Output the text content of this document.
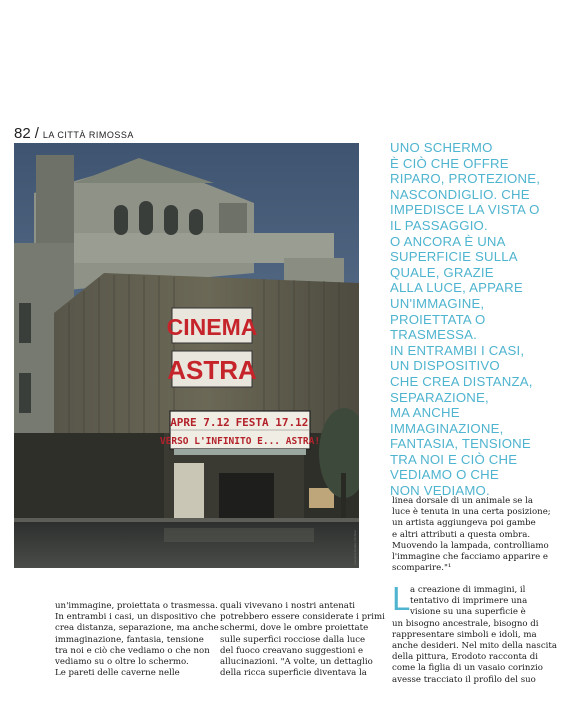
82 / LA CITTÀ RIMOSSA
CINEMA
ASTRA
APRE 7.12 FESTA 17.12
VERSO L'INFINITO E... ASTRA!
Giovanni Dadda / Archivio

UNO SCHERMO
È CIÒ CHE OFFRE
RIPARO, PROTEZIONE,
NASCONDIGLIO. CHE
IMPEDISCE LA VISTA O
IL PASSAGGIO.
O ANCORA È UNA
SUPERFICIE SULLA
QUALE, GRAZIE
ALLA LUCE, APPARE
UN'IMMAGINE,
PROIETTATA O
TRASMESSA.
IN ENTRAMBI I CASI,
UN DISPOSITIVO
CHE CREA DISTANZA,
SEPARAZIONE,
MA ANCHE
IMMAGINAZIONE,
FANTASIA, TENSIONE
TRA NOI E CIÒ CHE
VEDIAMO O CHE
NON VEDIAMO.

linea dorsale di un animale se la
luce è tenuta in una certa posizione;
un artista aggiungeva poi gambe
e altri attributi a questa ombra.
Muovendo la lampada, controlliamo
l'immagine che facciamo apparire e
scomparire."¹

L a creazione di immagini, il
tentativo di imprimere una
visione su una superficie è
un bisogno ancestrale, bisogno di
rappresentare simboli e idoli, ma
anche desideri. Nel mito della nascita
della pittura, Erodoto racconta di
come la figlia di un vasaio corinzio
avesse tracciato il profilo del suo

un'immagine, proiettata o trasmessa.
In entrambi i casi, un dispositivo che
crea distanza, separazione, ma anche
immaginazione, fantasia, tensione
tra noi e ciò che vediamo o che non
vediamo su o oltre lo schermo.
Le pareti delle caverne nelle

quali vivevano i nostri antenati
potrebbero essere considerate i primi
schermi, dove le ombre proiettate
sulle superfici rocciose dalla luce
del fuoco creavano suggestioni e
allucinazioni. "A volte, un dettaglio
della ricca superficie diventava la
